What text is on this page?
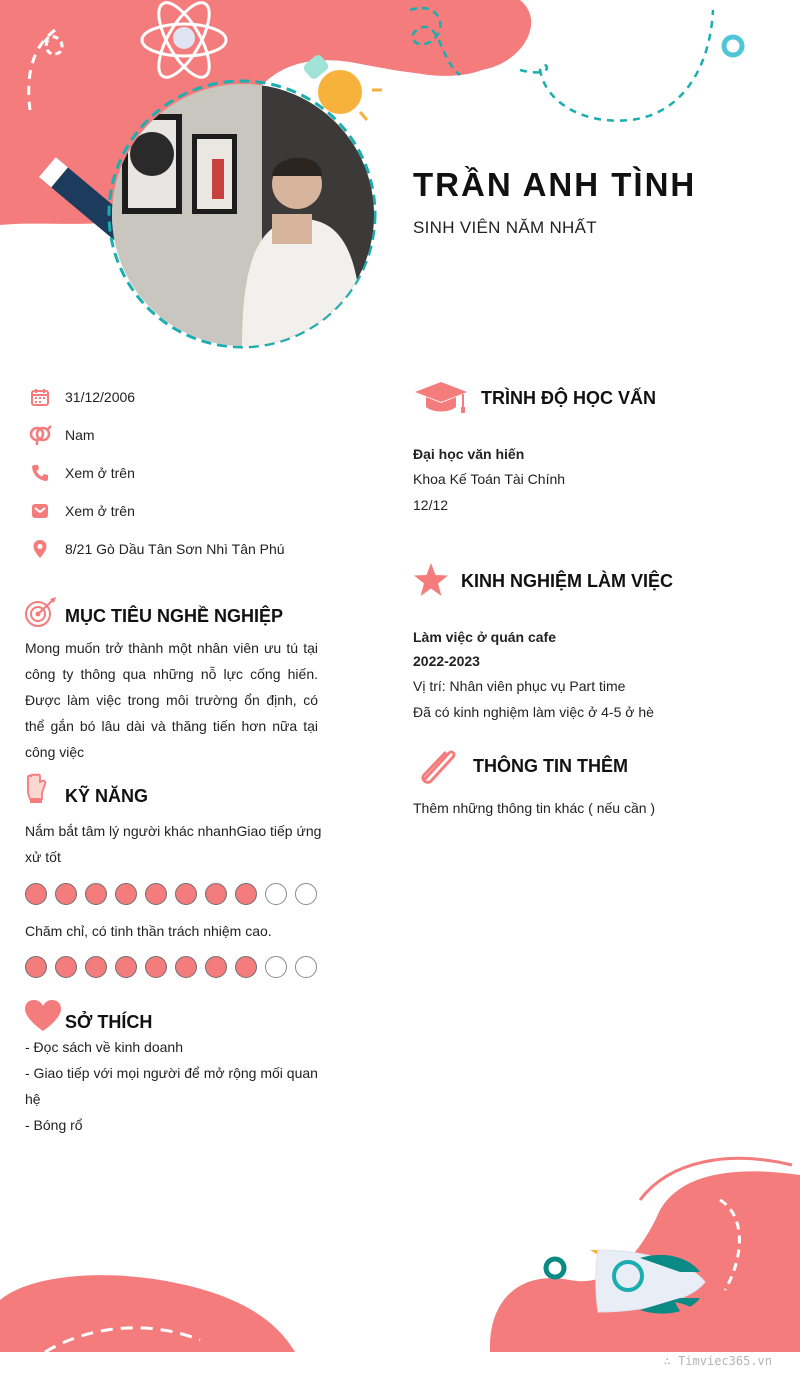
TRẦN ANH TÌNH
SINH VIÊN NĂM NHẤT
31/12/2006
Nam
Xem ở trên
Xem ở trên
8/21 Gò Dầu Tân Sơn Nhì Tân Phú
MỤC TIÊU NGHỀ NGHIỆP
Mong muốn trở thành một nhân viên ưu tú tại công ty thông qua những nỗ lực cống hiến. Được làm việc trong môi trường ổn định, có thể gắn bó lâu dài và thăng tiến hơn nữa tại công việc
KỸ NĂNG
Nắm bắt tâm lý người khác nhanhGiao tiếp ứng xử tốt
Chăm chỉ, có tinh thần trách nhiệm cao.
SỞ THÍCH
- Đọc sách về kinh doanh
- Giao tiếp với mọi người để mở rộng mối quan hệ
- Bóng rổ
TRÌNH ĐỘ HỌC VẤN
Đại học văn hiến
Khoa Kế Toán Tài Chính
12/12
KINH NGHIỆM LÀM VIỆC
Làm việc ở quán cafe
2022-2023
Vị trí: Nhân viên phục vụ Part time
Đã có kinh nghiệm làm việc ở 4-5 ở hè
THÔNG TIN THÊM
Thêm những thông tin khác ( nếu cần )
∴ Timviec365.vn
